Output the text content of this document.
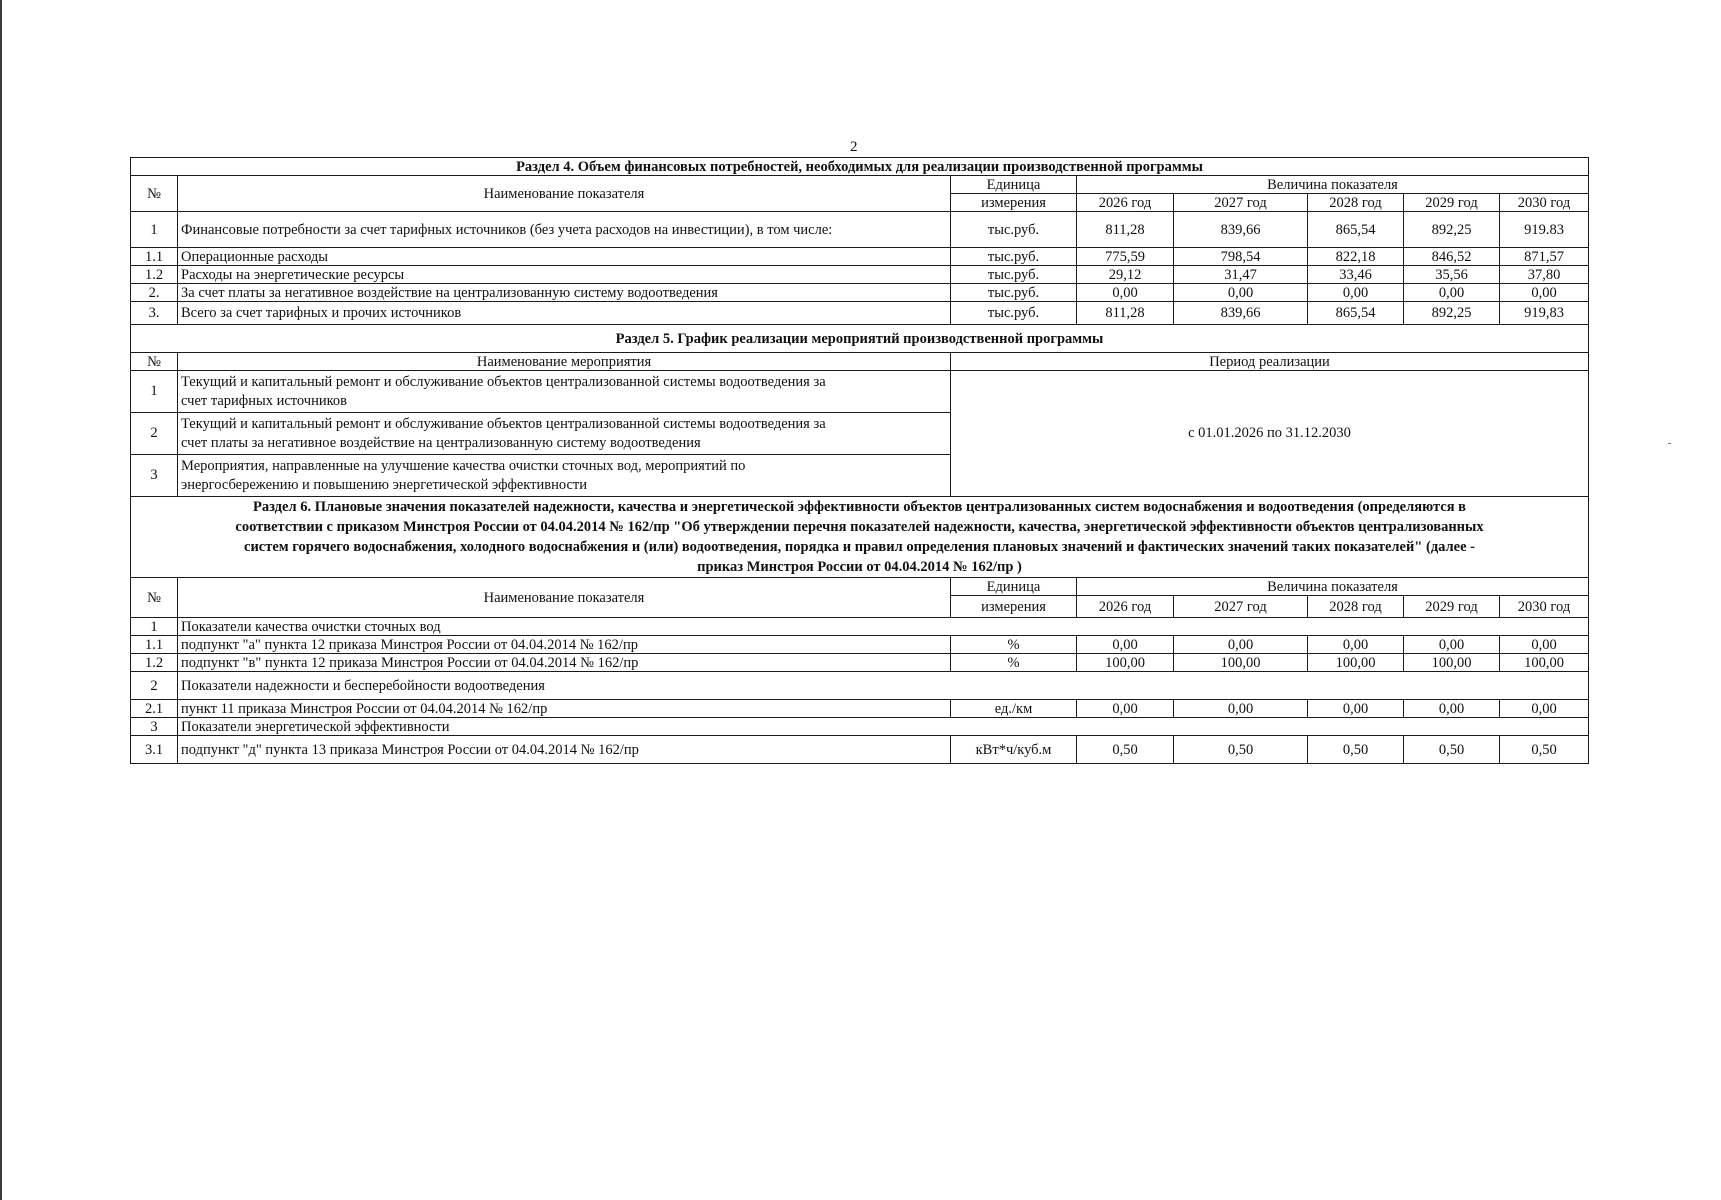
2
Раздел 4. Объем финансовых потребностей, необходимых для реализации производственной программы							
№	Наименование показателя	Единица	Величина показателя				
		измерения	2026 год	2027 год	2028 год	2029 год	2030 год
1	Финансовые потребности за счет тарифных источников (без учета расходов на инвестиции), в том числе:	тыс.руб.	811,28	839,66	865,54	892,25	919.83
1.1	Операционные расходы	тыс.руб.	775,59	798,54	822,18	846,52	871,57
1.2	Расходы на энергетические ресурсы	тыс.руб.	29,12	31,47	33,46	35,56	37,80
2.	За счет платы за негативное воздействие на централизованную систему водоотведения	тыс.руб.	0,00	0,00	0,00	0,00	0,00
3.	Всего за счет тарифных и прочих источников	тыс.руб.	811,28	839,66	865,54	892,25	919,83
Раздел 5. График реализации мероприятий производственной программы							
№	Наименование мероприятия	Период реализации					
1	Текущий и капитальный ремонт и обслуживание объектов централизованной системы водоотведения за
счет тарифных источников	с 01.01.2026 по 31.12.2030					
2	Текущий и капитальный ремонт и обслуживание объектов централизованной системы водоотведения за
счет платы за негативное воздействие на централизованную систему водоотведения						
3	Мероприятия, направленные на улучшение качества очистки сточных вод, мероприятий по
энергосбережению и повышению энергетической эффективности						

Раздел 6. Плановые значения показателей надежности, качества и энергетической эффективности объектов централизованных систем водоснабжения и водоотведения (определяются в
соответствии с приказом Минстроя России от 04.04.2014 № 162/пр "Об утверждении перечня показателей надежности, качества, энергетической эффективности объектов централизованных
систем горячего водоснабжения, холодного водоснабжения и (или) водоотведения, порядка и правил определения плановых значений и фактических значений таких показателей" (далее -
приказ Минстроя России от 04.04.2014 № 162/пр )							

№	Наименование показателя	Единица	Величина показателя				
		измерения	2026 год	2027 год	2028 год	2029 год	2030 год
1	Показатели качества очистки сточных вод						
1.1	подпункт "а" пункта 12 приказа Минстроя России от 04.04.2014 № 162/пр	%	0,00	0,00	0,00	0,00	0,00
1.2	подпункт "в" пункта 12 приказа Минстроя России от 04.04.2014 № 162/пр	%	100,00	100,00	100,00	100,00	100,00
2	Показатели надежности и бесперебойности водоотведения						
2.1	пункт 11 приказа Минстроя России от 04.04.2014 № 162/пр	ед./км	0,00	0,00	0,00	0,00	0,00
3	Показатели энергетической эффективности						
3.1	подпункт "д" пункта 13 приказа Минстроя России от 04.04.2014 № 162/пр	кВт*ч/куб.м	0,50	0,50	0,50	0,50	0,50
